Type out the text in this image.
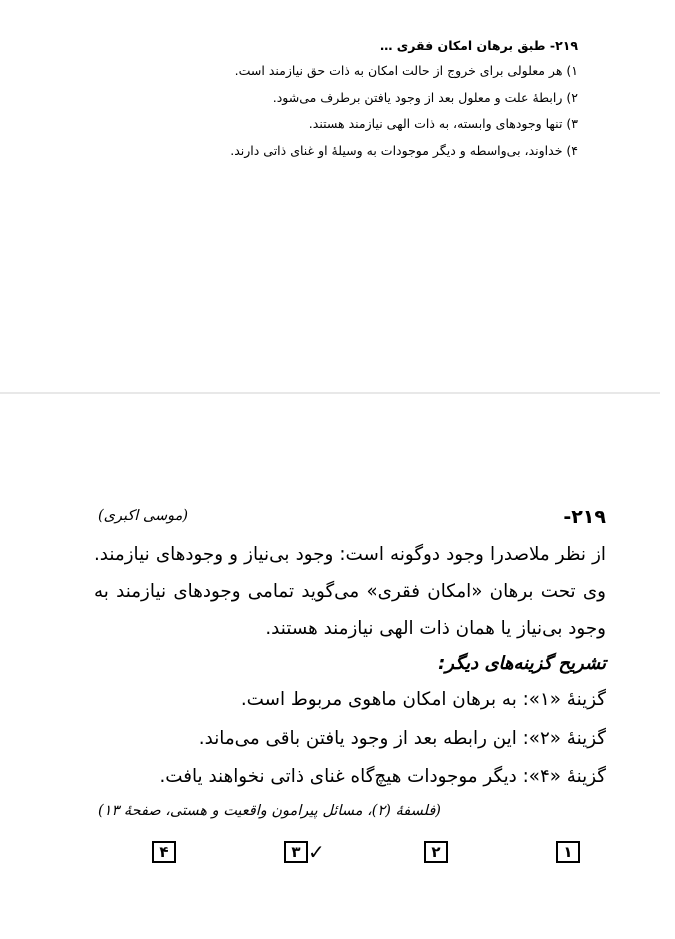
۲۱۹- طبق برهان امکان فقری …
۱) هر معلولی برای خروج از حالت امکان به ذات حق نیازمند است.
۲) رابطهٔ علت و معلول بعد از وجود یافتن برطرف می‌شود.
۳) تنها وجودهای وابسته، به ذات الهی نیازمند هستند.
۴) خداوند، بی‌واسطه و دیگر موجودات به وسیلهٔ او غنای ذاتی دارند.
۲۱۹-
(موسی اکبری)
از نظر ملاصدرا وجود دوگونه است: وجود بی‌نیاز و وجودهای نیازمند. وی تحت برهان «امکان فقری» می‌گوید تمامی وجودهای نیازمند به وجود بی‌نیاز یا همان ذات الهی نیازمند هستند.
تشریح گزینه‌های دیگر:
گزینهٔ «۱»: به برهان امکان ماهوی مربوط است.
گزینهٔ «۲»: این رابطه بعد از وجود یافتن باقی می‌ماند.
گزینهٔ «۴»: دیگر موجودات هیچ‌گاه غنای ذاتی نخواهند یافت.
(فلسفهٔ (۲)، مسائل پیرامون واقعیت و هستی، صفحهٔ ۱۳)
۴	۳ ✓	۲	۱
